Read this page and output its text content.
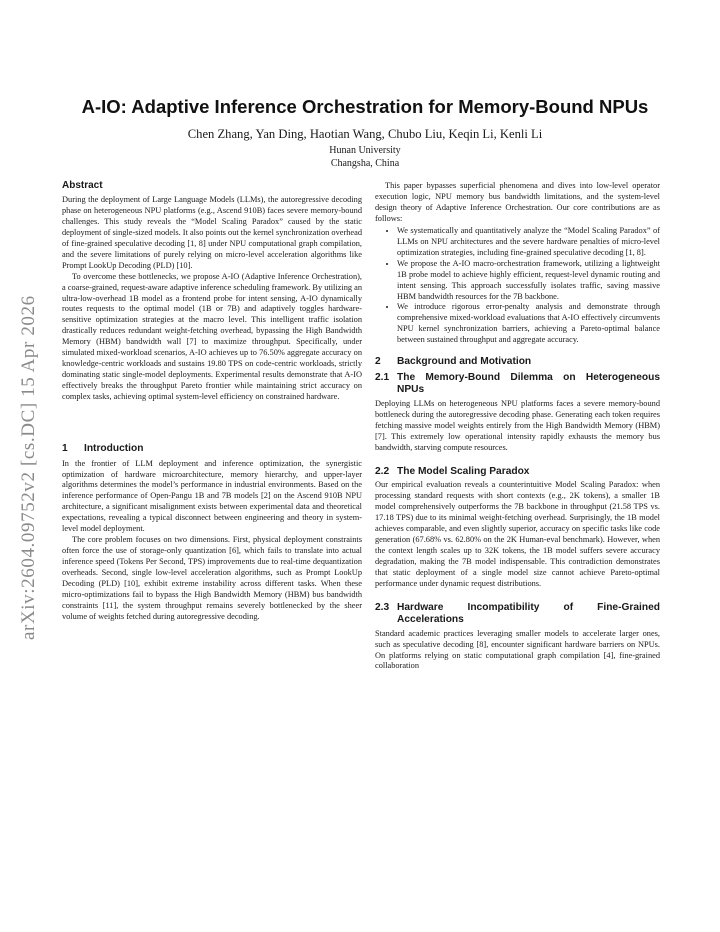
arXiv:2604.09752v2 [cs.DC] 15 Apr 2026
A-IO: Adaptive Inference Orchestration for Memory-Bound NPUs

Chen Zhang, Yan Ding, Haotian Wang, Chubo Liu, Keqin Li, Kenli Li

Hunan University

Changsha, China

Abstract

During the deployment of Large Language Models (LLMs), the autoregressive decoding phase on heterogeneous NPU platforms (e.g., Ascend 910B) faces severe memory-bound challenges. This study reveals the “Model Scaling Paradox” caused by the static deployment of single-sized models. It also points out the kernel synchronization overhead of fine-grained speculative decoding [1, 8] under NPU computational graph compilation, and the severe limitations of purely relying on micro-level acceleration algorithms like Prompt LookUp Decoding (PLD) [10].

To overcome these bottlenecks, we propose A-IO (Adaptive Inference Orchestration), a coarse-grained, request-aware adaptive inference scheduling framework. By utilizing an ultra-low-overhead 1B model as a frontend probe for intent sensing, A-IO dynamically routes requests to the optimal model (1B or 7B) and adaptively toggles hardware-sensitive optimization strategies at the macro level. This intelligent traffic isolation drastically reduces redundant weight-fetching overhead, bypassing the High Bandwidth Memory (HBM) bandwidth wall [7] to maximize throughput. Specifically, under simulated mixed-workload scenarios, A-IO achieves up to 76.50% aggregate accuracy on knowledge-centric workloads and sustains 19.80 TPS on code-centric workloads, strictly dominating static single-model deployments. Experimental results demonstrate that A-IO effectively breaks the throughput Pareto frontier while maintaining strict accuracy on complex tasks, achieving optimal system-level efficiency on constrained hardware.

1	Introduction

In the frontier of LLM deployment and inference optimization, the synergistic optimization of hardware microarchitecture, memory hierarchy, and upper-layer algorithms determines the model’s performance in industrial environments. Based on the inference performance of Open-Pangu 1B and 7B models [2] on the Ascend 910B NPU architecture, a significant misalignment exists between experimental data and theoretical expectations, revealing a typical disconnect between engineering and theory in system-level model deployment.

The core problem focuses on two dimensions. First, physical deployment constraints often force the use of storage-only quantization [6], which fails to translate into actual inference speed (Tokens Per Second, TPS) improvements due to real-time dequantization overheads. Second, single low-level acceleration algorithms, such as Prompt LookUp Decoding (PLD) [10], exhibit extreme instability across different tasks. When these micro-optimizations fail to bypass the High Bandwidth Memory (HBM) bus bandwidth constraints [11], the system throughput remains severely bottlenecked by the sheer volume of weights fetched during autoregressive decoding.

This paper bypasses superficial phenomena and dives into low-level operator execution logic, NPU memory bus bandwidth limitations, and the system-level design theory of Adaptive Inference Orchestration. Our core contributions are as follows:

• We systematically and quantitatively analyze the “Model Scaling Paradox” of LLMs on NPU architectures and the severe hardware penalties of micro-level optimization strategies, including fine-grained speculative decoding [1, 8].
• We propose the A-IO macro-orchestration framework, utilizing a lightweight 1B probe model to achieve highly efficient, request-level dynamic routing and intent sensing. This approach successfully isolates traffic, saving massive HBM bandwidth resources for the 7B backbone.
• We introduce rigorous error-penalty analysis and demonstrate through comprehensive mixed-workload evaluations that A-IO effectively circumvents NPU kernel synchronization barriers, achieving a Pareto-optimal balance between sustained throughput and aggregate accuracy.
2	Background and Motivation
2.1 The Memory-Bound Dilemma on Heterogeneous NPUs

Deploying LLMs on heterogeneous NPU platforms faces a severe memory-bound bottleneck during the autoregressive decoding phase. Generating each token requires fetching massive model weights entirely from the High Bandwidth Memory (HBM) [7]. This extremely low operational intensity rapidly exhausts the memory bus bandwidth, starving compute resources.

2.2 The Model Scaling Paradox

Our empirical evaluation reveals a counterintuitive Model Scaling Paradox: when processing standard requests with short contexts (e.g., 2K tokens), a smaller 1B model comprehensively outperforms the 7B backbone in throughput (21.58 TPS vs. 17.18 TPS) due to its minimal weight-fetching overhead. Surprisingly, the 1B model achieves comparable, and even slightly superior, accuracy on specific tasks like code generation (67.68% vs. 62.80% on the 2K Human-eval benchmark). However, when the context length scales up to 32K tokens, the 1B model suffers severe accuracy degradation, making the 7B model indispensable. This contradiction demonstrates that static deployment of a single model size cannot achieve Pareto-optimal performance under dynamic request distributions.

2.3 Hardware Incompatibility of Fine-Grained Accelerations

Standard academic practices leveraging smaller models to accelerate larger ones, such as speculative decoding [8], encounter significant hardware barriers on NPUs. On platforms relying on static computational graph compilation [4], fine-grained collaboration
